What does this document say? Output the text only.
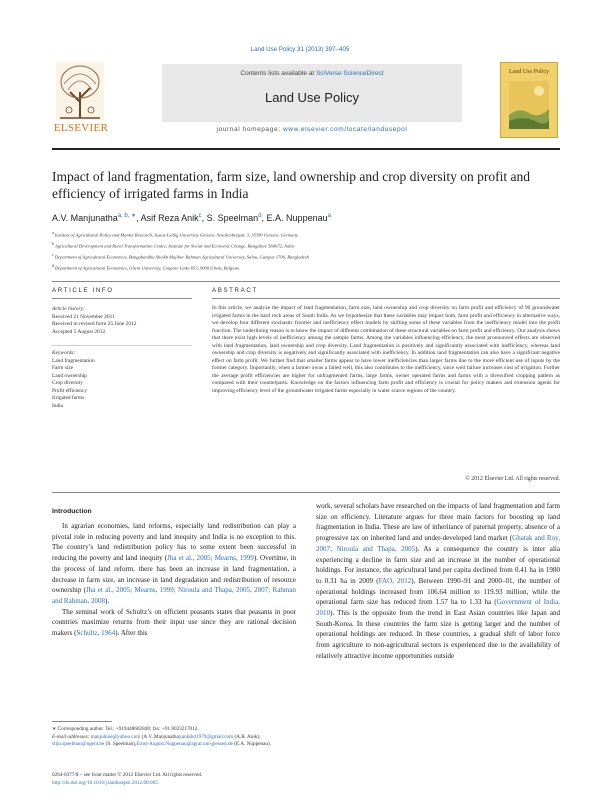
Land Use Policy 31 (2013) 397–405
ELSEVIER
Contents lists available at SciVerse ScienceDirect
Land Use Policy
journal homepage: www.elsevier.com/locate/landusepol
Land Use Policy
Impact of land fragmentation, farm size, land ownership and crop diversity on profit and efficiency of irrigated farms in India
A.V. Manjunatha$^{a, b, ∗}$, Asif Reza Anik$^c$, S. Speelman$^d$, E.A. Nuppenau$^a$
aInstitute of Agricultural Policy and Market Research, Justus Liebig University Giessen, Senckenbergstr. 3, 35390 Giessen, Germany
bAgricultural Development and Rural Transformation Centre, Institute for Social and Economic Change, Bangalore 560072, India
cDepartment of Agricultural Economics, Bangabandhu Sheikh Mujibur Rahman Agricultural University, Salna, Gazipur 1706, Bangladesh
dDepartment of Agricultural Economics, Ghent University, Coupure Links 653, 9000 Ghent, Belgium
ARTICLE INFO	ABSTRACT
Article history:
Received 21 November 2011
Received in revised form 25 June 2012
Accepted 5 August 2012
Keywords:
Land fragmentation
Farm size
Land ownership
Crop diversity
Profit efficiency
Irrigated farms
India
In this article, we analyze the impact of land fragmentation, farm size, land ownership and crop diversity on farm profit and efficiency of 90 groundwater irrigated farms in the hard rock areas of South India. As we hypothesize that these variables may impact both, farm profit and efficiency in alternative ways, we develop four different stochastic frontier and inefficiency effect models by shifting some of these variables from the inefficiency model into the profit function. The underlining reason is to know the impact of different combination of these structural variables on farm profit and efficiency. Our analysis shows that there exist high levels of inefficiency among the sample farms. Among the variables influencing efficiency, the most pronounced effects are observed with land fragmentation, land ownership and crop diversity. Land fragmentation is positively and significantly associated with inefficiency, whereas land ownership and crop diversity is negatively and significantly associated with inefficiency. In addition land fragmentation can also have a significant negative effect on farm profit. We further find that smaller farms appear to have lower inefficiencies than larger farms due to the more efficient use of inputs by the former category. Importantly, when a farmer owns a failed well, this also contributes to the inefficiency, since well failure increases cost of irrigation. Further the average profit efficiencies are higher for unfragmented farms, large farms, owner operated farms and farms with a diversified cropping pattern as compared with their counterparts. Knowledge on the factors influencing farm profit and efficiency is crucial for policy makers and extension agents for improving efficiency level of the groundwater irrigated farms especially in water scarce regions of the country.
© 2012 Elsevier Ltd. All rights reserved.
Introduction

In agrarian economies, land reforms, especially land redistribution can play a pivotal role in reducing poverty and land inequity and India is no exception to this. The country’s land redistribution policy has to some extent been successful in reducing the poverty and land inequity (Jha et al., 2005; Mearns, 1999). Overtime, in the process of land reform, there has been an increase in land fragmentation, a decrease in farm size, an increase in land degradation and redistribution of resource ownership (Jha et al., 2005; Mearns, 1999; Niroula and Thapa, 2005, 2007; Rahman and Rahman, 2008).

The seminal work of Schultz’s on efficient peasants states that peasants in poor countries maximize returns from their input use since they are rational decision makers (Schultz, 1964). After this

work, several scholars have researched on the impacts of land fragmentation and farm size on efficiency. Literature argues for three main factors for boosting up land fragmentation in India. These are law of inheritance of paternal property, absence of a progressive tax on inherited land and under-developed land market (Ghatak and Roy, 2007; Niroula and Thapa, 2005). As a consequence the country is inter alia experiencing a decline in farm size and an increase in the number of operational holdings. For instance, the agricultural land per capita declined from 0.41 ha in 1980 to 0.31 ha in 2009 (FAO, 2012). Between 1990–91 and 2000–01, the number of operational holdings increased from 106.64 million to 119.93 million, while the operational farm size has reduced from 1.57 ha to 1.33 ha (Government of India, 2010). This is the opposite from the trend in East Asian countries like Japan and South-Korea. In these countries the farm size is getting larger and the number of operational holdings are reduced. In these countries, a gradual shift of labor force from agriculture to non-agricultural sectors is experienced due to the availability of relatively attractive income opportunities outside

∗ Corresponding author. Tel.: +919448602848; fax: +91 8023217012.
E-mail addresses: manjubioe@yahoo.com (A.V. Manjunatha),anikbd1979@gmail.com (A.R. Anik), stijn.speelman@ugent.be (S. Speelman),Ernst-August.Nuppenau@agrar.uni-giessen.de (E.A. Nuppenau).
0264-8377/$ – see front matter © 2012 Elsevier Ltd. All rights reserved.
http://dx.doi.org/10.1016/j.landusepol.2012.08.005
